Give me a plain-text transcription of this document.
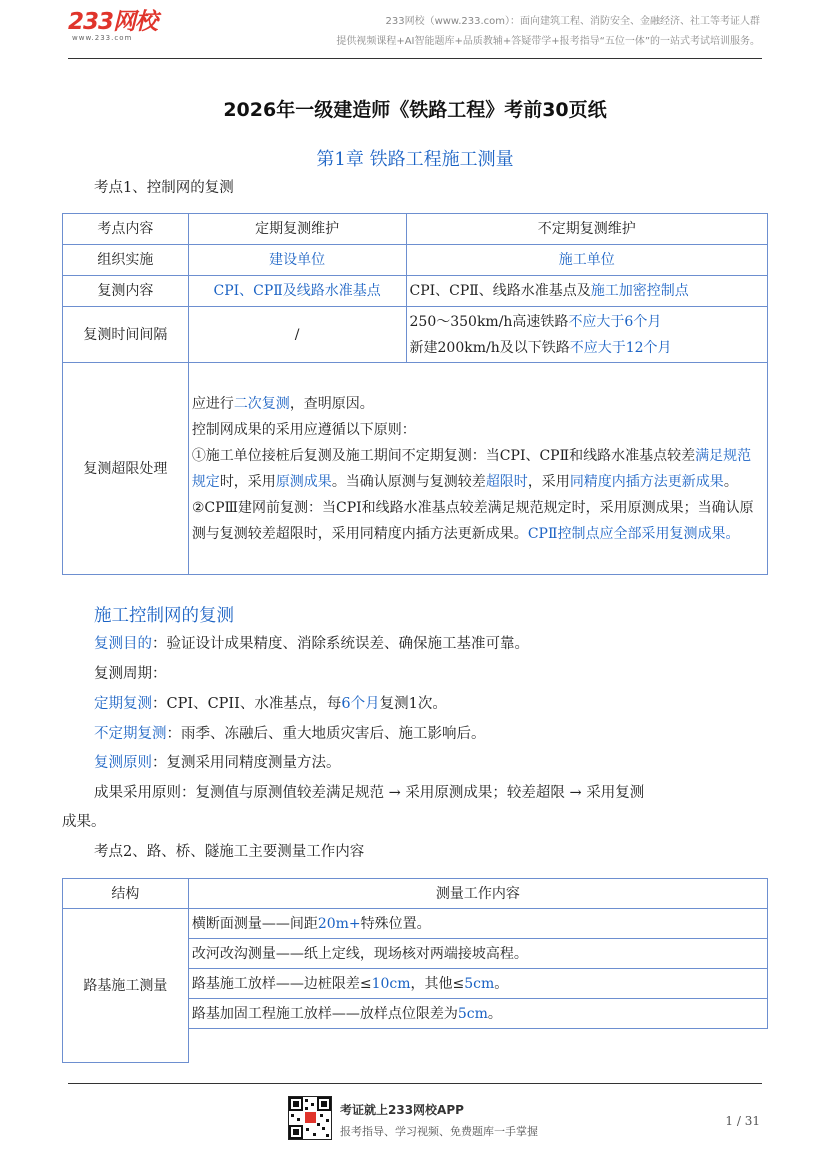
233网校
www.233.com
233网校（www.233.com）：面向建筑工程、消防安全、金融经济、社工等考证人群
提供视频课程+AI智能题库+品质教辅+答疑带学+报考指导“五位一体”的一站式考试培训服务。
2026年一级建造师《铁路工程》考前30页纸
第1章 铁路工程施工测量
考点1、控制网的复测
考点内容	定期复测维护	不定期复测维护
组织实施	建设单位	施工单位
复测内容	CPⅠ、CPⅡ及线路水准基点	CPⅠ、CPⅡ、线路水准基点及施工加密控制点
复测时间间隔	/	250～350km/h高速铁路不应大于6个月
新建200km/h及以下铁路不应大于12个月

复测超限处理	应进行二次复测，查明原因。
控制网成果的采用应遵循以下原则：
①施工单位接桩后复测及施工期间不定期复测：当CPⅠ、CPⅡ和线路水准基点较差满足规范规定时，采用原测成果。当确认原测与复测较差超限时，采用同精度内插方法更新成果。
②CPⅢ建网前复测：当CPⅠ和线路水准基点较差满足规范规定时，采用原测成果；当确认原测与复测较差超限时，采用同精度内插方法更新成果。CPⅡ控制点应全部采用复测成果。	
施工控制网的复测
复测目的：验证设计成果精度、消除系统误差、确保施工基准可靠。
复测周期：
定期复测：CPI、CPII、水准基点，每6个月复测1次。
不定期复测：雨季、冻融后、重大地质灾害后、施工影响后。
复测原则：复测采用同精度测量方法。
成果采用原则：复测值与原测值较差满足规范 → 采用原测成果；较差超限 → 采用复测
成果。
考点2、路、桥、隧施工主要测量工作内容
结构	测量工作内容
路基施工测量	横断面测量——间距20m+特殊位置。
	改河改沟测量——纸上定线，现场核对两端接坡高程。
	路基施工放样——边桩限差≤10cm，其他≤5cm。
	路基加固工程施工放样——放样点位限差为5cm。

考证就上233网校APP
报考指导、学习视频、免费题库一手掌握
1 / 31
